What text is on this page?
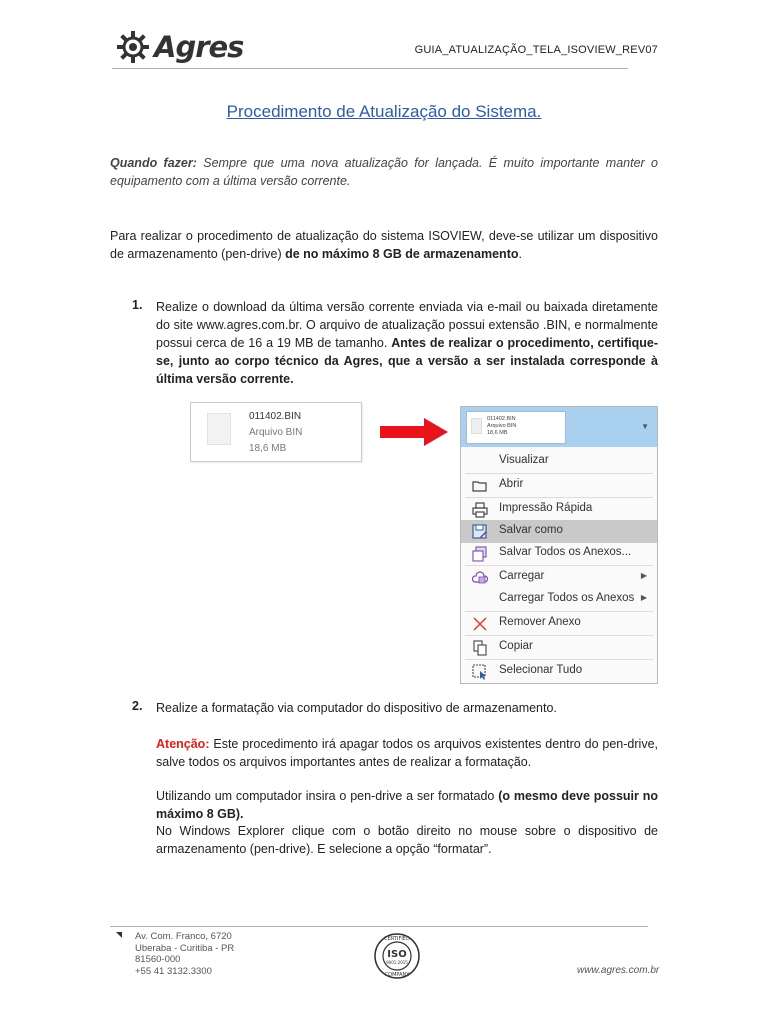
Agres	GUIA_ATUALIZAÇÃO_TELA_ISOVIEW_REV07
Procedimento de Atualização do Sistema.
Quando fazer: Sempre que uma nova atualização for lançada. É muito importante manter o equipamento com a última versão corrente.
Para realizar o procedimento de atualização do sistema ISOVIEW, deve-se utilizar um dispositivo de armazenamento (pen-drive) de no máximo 8 GB de armazenamento.
1. Realize o download da última versão corrente enviada via e-mail ou baixada diretamente do site www.agres.com.br. O arquivo de atualização possui extensão .BIN, e normalmente possui cerca de 16 a 19 MB de tamanho. Antes de realizar o procedimento, certifique-se, junto ao corpo técnico da Agres, que a versão a ser instalada corresponde à última versão corrente.
011402.BIN
Arquivo BIN
18,6 MB
011402.BIN
Arquivo BIN
18,6 MB
▼
Visualizar
Abrir
Impressão Rápida
Salvar como
Salvar Todos os Anexos...
Carregar	▶
Carregar Todos os Anexos ▶
Remover Anexo
Copiar
Selecionar Tudo
2. Realize a formatação via computador do dispositivo de armazenamento.
Atenção: Este procedimento irá apagar todos os arquivos existentes dentro do pen-drive, salve todos os arquivos importantes antes de realizar a formatação.
Utilizando um computador insira o pen-drive a ser formatado (o mesmo deve possuir no máximo 8 GB).
No Windows Explorer clique com o botão direito no mouse sobre o dispositivo de armazenamento (pen-drive). E selecione a opção “formatar”.
Av. Com. Franco, 6720
Uberaba - Curitiba - PR
81560-000
+55 41 3132.3300
CERTIFIED
ISO
9001:2015
COMPANY	www.agres.com.br
